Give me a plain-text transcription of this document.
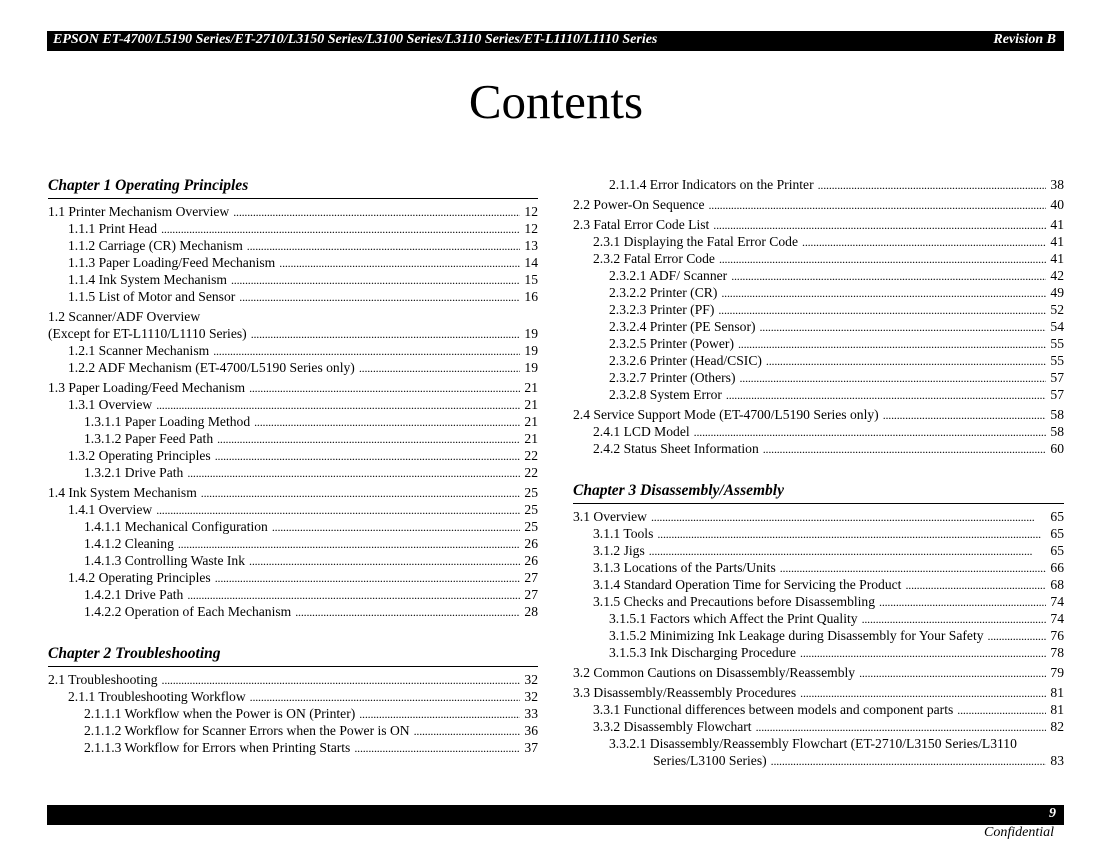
EPSON ET-4700/L5190 Series/ET-2710/L3150 Series/L3100 Series/L3110 Series/ET-L1110/L1110 Series	Revision B
Contents
Chapter 1 Operating Principles
1.1 Printer Mechanism Overview . . .	12
1.1.1 Print Head . . .	12
1.1.2 Carriage (CR) Mechanism . . .	13
1.1.3 Paper Loading/Feed Mechanism . . .	14
1.1.4 Ink System Mechanism . . .	15
1.1.5 List of Motor and Sensor . . .	16
1.2 Scanner/ADF Overview
(Except for ET-L1110/L1110 Series) . . .	19
1.2.1 Scanner Mechanism . . .	19
1.2.2 ADF Mechanism (ET-4700/L5190 Series only) . . .	19
1.3 Paper Loading/Feed Mechanism . . .	21
1.3.1 Overview . . .	21
1.3.1.1 Paper Loading Method . . .	21
1.3.1.2 Paper Feed Path . . .	21
1.3.2 Operating Principles . . .	22
1.3.2.1 Drive Path . . .	22
1.4 Ink System Mechanism . . .	25
1.4.1 Overview . . .	25
1.4.1.1 Mechanical Configuration . . .	25
1.4.1.2 Cleaning . . .	26
1.4.1.3 Controlling Waste Ink . . .	26
1.4.2 Operating Principles . . .	27
1.4.2.1 Drive Path . . .	27
1.4.2.2 Operation of Each Mechanism . . .	28
Chapter 2 Troubleshooting
2.1 Troubleshooting . . .	32
2.1.1 Troubleshooting Workflow . . .	32
2.1.1.1 Workflow when the Power is ON (Printer) . . .	33
2.1.1.2 Workflow for Scanner Errors when the Power is ON . . .	36
2.1.1.3 Workflow for Errors when Printing Starts . . .	37
2.1.1.4 Error Indicators on the Printer . . .	38
2.2 Power-On Sequence . . .	40
2.3 Fatal Error Code List . . .	41
2.3.1 Displaying the Fatal Error Code . . .	41
2.3.2 Fatal Error Code . . .	41
2.3.2.1 ADF/ Scanner . . .	42
2.3.2.2 Printer (CR) . . .	49
2.3.2.3 Printer (PF) . . .	52
2.3.2.4 Printer (PE Sensor) . . .	54
2.3.2.5 Printer (Power) . . .	55
2.3.2.6 Printer (Head/CSIC) . . .	55
2.3.2.7 Printer (Others) . . .	57
2.3.2.8 System Error . . .	57
2.4 Service Support Mode (ET-4700/L5190 Series only) . . .	58
2.4.1 LCD Model . . .	58
2.4.2 Status Sheet Information . . .	60
Chapter 3 Disassembly/Assembly
3.1 Overview . . .	65
3.1.1 Tools . . .	65
3.1.2 Jigs . . .	65
3.1.3 Locations of the Parts/Units . . .	66
3.1.4 Standard Operation Time for Servicing the Product . . .	68
3.1.5 Checks and Precautions before Disassembling . . .	74
3.1.5.1 Factors which Affect the Print Quality . . .	74
3.1.5.2 Minimizing Ink Leakage during Disassembly for Your Safety . . .	76
3.1.5.3 Ink Discharging Procedure . . .	78
3.2 Common Cautions on Disassembly/Reassembly . . .	79
3.3 Disassembly/Reassembly Procedures . . .	81
3.3.1 Functional differences between models and component parts . . .	81
3.3.2 Disassembly Flowchart . . .	82
3.3.2.1 Disassembly/Reassembly Flowchart (ET-2710/L3150 Series/L3110
Series/L3100 Series) . . .	83
9
Confidential
